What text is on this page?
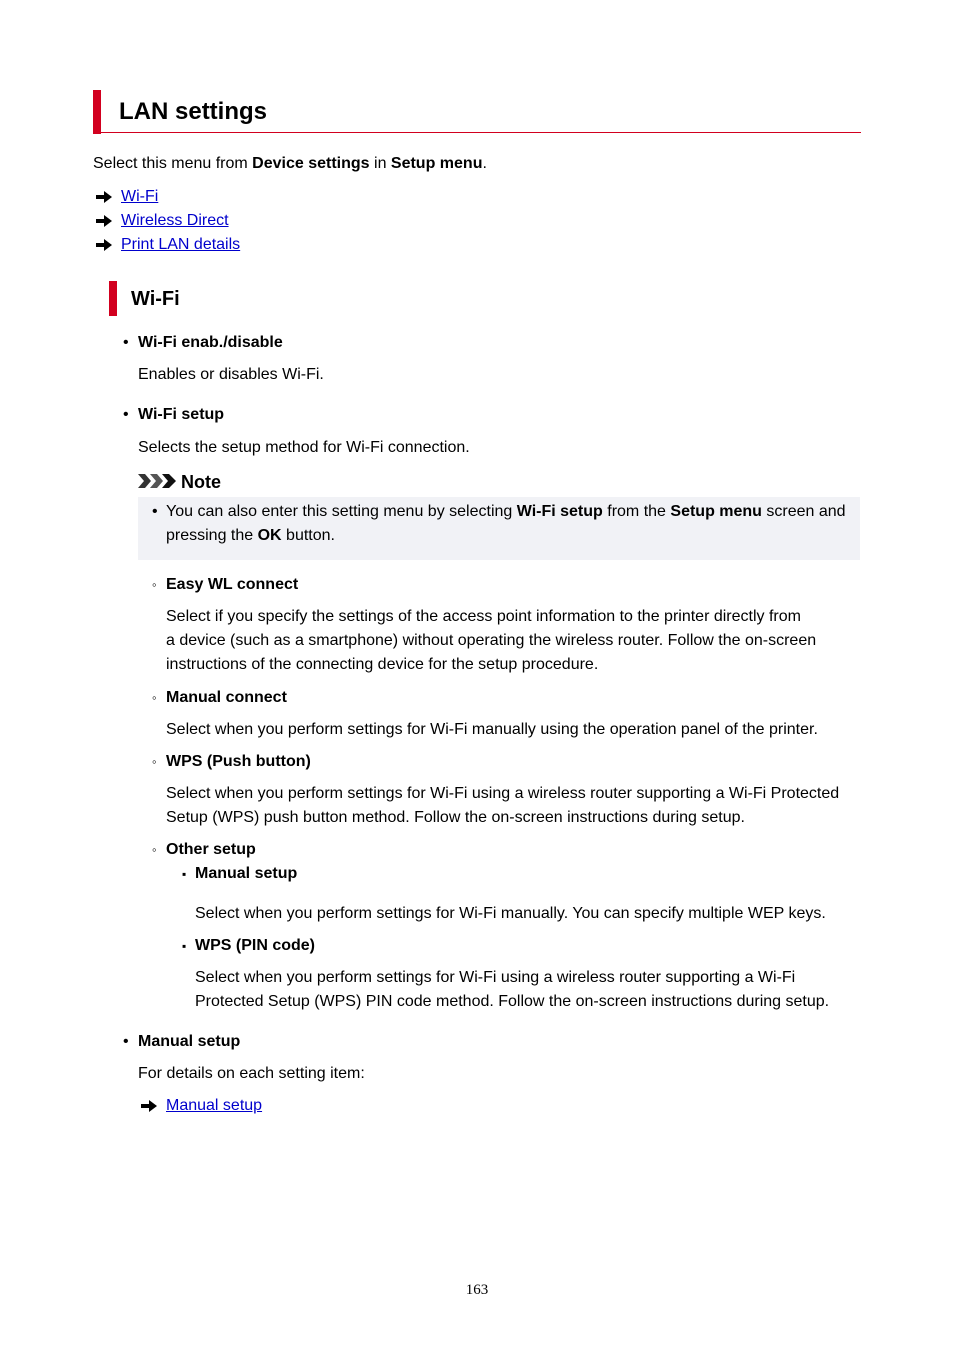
LAN settings
Select this menu from Device settings in Setup menu.
Wi-Fi
Wireless Direct
Print LAN details
Wi-Fi
• Wi-Fi enab./disable
Enables or disables Wi-Fi.
• Wi-Fi setup
Selects the setup method for Wi-Fi connection.
Note
• You can also enter this setting menu by selecting Wi-Fi setup from the Setup menu screen and
pressing the OK button.
◦ Easy WL connect
Select if you specify the settings of the access point information to the printer directly from
a device (such as a smartphone) without operating the wireless router. Follow the on-screen
instructions of the connecting device for the setup procedure.
◦ Manual connect
Select when you perform settings for Wi-Fi manually using the operation panel of the printer.
◦ WPS (Push button)
Select when you perform settings for Wi-Fi using a wireless router supporting a Wi-Fi Protected
Setup (WPS) push button method. Follow the on-screen instructions during setup.
◦ Other setup
▪ Manual setup
Select when you perform settings for Wi-Fi manually. You can specify multiple WEP keys.
▪ WPS (PIN code)
Select when you perform settings for Wi-Fi using a wireless router supporting a Wi-Fi
Protected Setup (WPS) PIN code method. Follow the on-screen instructions during setup.
• Manual setup
For details on each setting item:
Manual setup
163
